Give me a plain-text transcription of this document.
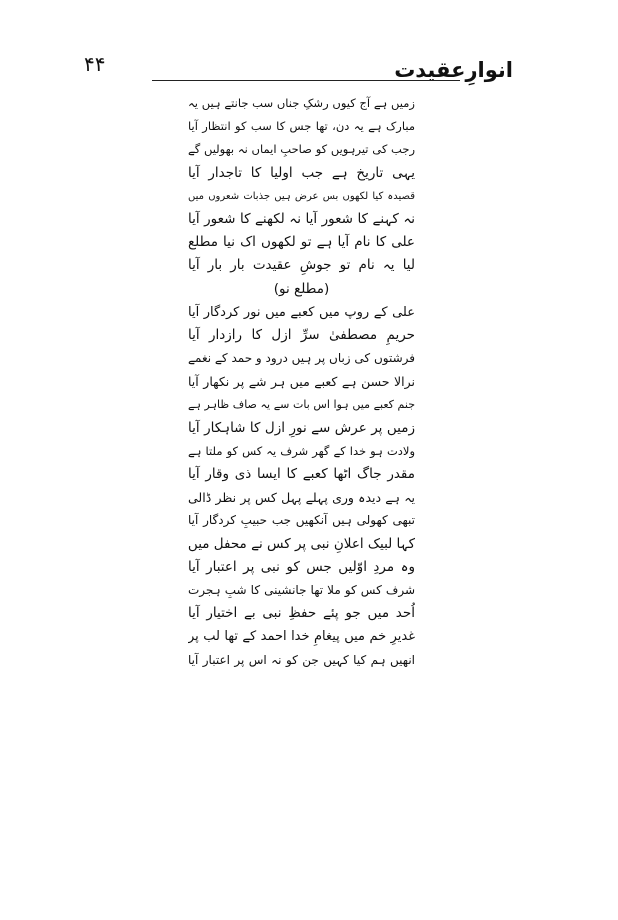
۴۴	انوارِعقیدت
زمیں ہے آج کیوں رشکِ جناں سب جانتے ہیں یہ
مبارک ہے یہ دن، تھا جس کا سب کو انتظار آیا
رجب کی تیرہویں کو صاحبِ ایماں نہ بھولیں گے
یہی تاریخ ہے جب اولیا کا تاجدار آیا
قصیدہ کیا لکھوں بس عرض ہیں جذبات شعروں میں
نہ کہنے کا شعور آیا نہ لکھنے کا شعور آیا
علی کا نام آیا ہے تو لکھوں اک نیا مطلع
لیا یہ نام تو جوشِ عقیدت بار بار آیا
(مطلع نو)
علی کے روپ میں کعبے میں نور کردگار آیا
حریمِ مصطفیٰ سرِّ ازل کا رازدار آیا
فرشتوں کی زباں پر ہیں درود و حمد کے نغمے
نرالا حسن ہے کعبے میں ہر شے پر نکھار آیا
جنم کعبے میں ہوا اس بات سے یہ صاف ظاہر ہے
زمیں پر عرش سے نورِ ازل کا شاہکار آیا
ولادت ہو خدا کے گھر شرف یہ کس کو ملتا ہے
مقدر جاگ اٹھا کعبے کا ایسا ذی وقار آیا
یہ ہے دیدہ وری پہلے پہل کس پر نظر ڈالی
تبھی کھولی ہیں آنکھیں جب حبیبِ کردگار آیا
کہا لبیک اعلانِ نبی پر کس نے محفل میں
وہ مردِ اوّلیں جس کو نبی پر اعتبار آیا
شرف کس کو ملا تھا جانشینی کا شبِ ہجرت
اُحد میں جو پئے حفظِ نبی بے اختیار آیا
غدیرِ خم میں پیغامِ خدا احمد کے تھا لب پر
انھیں ہم کیا کہیں جن کو نہ اس پر اعتبار آیا
